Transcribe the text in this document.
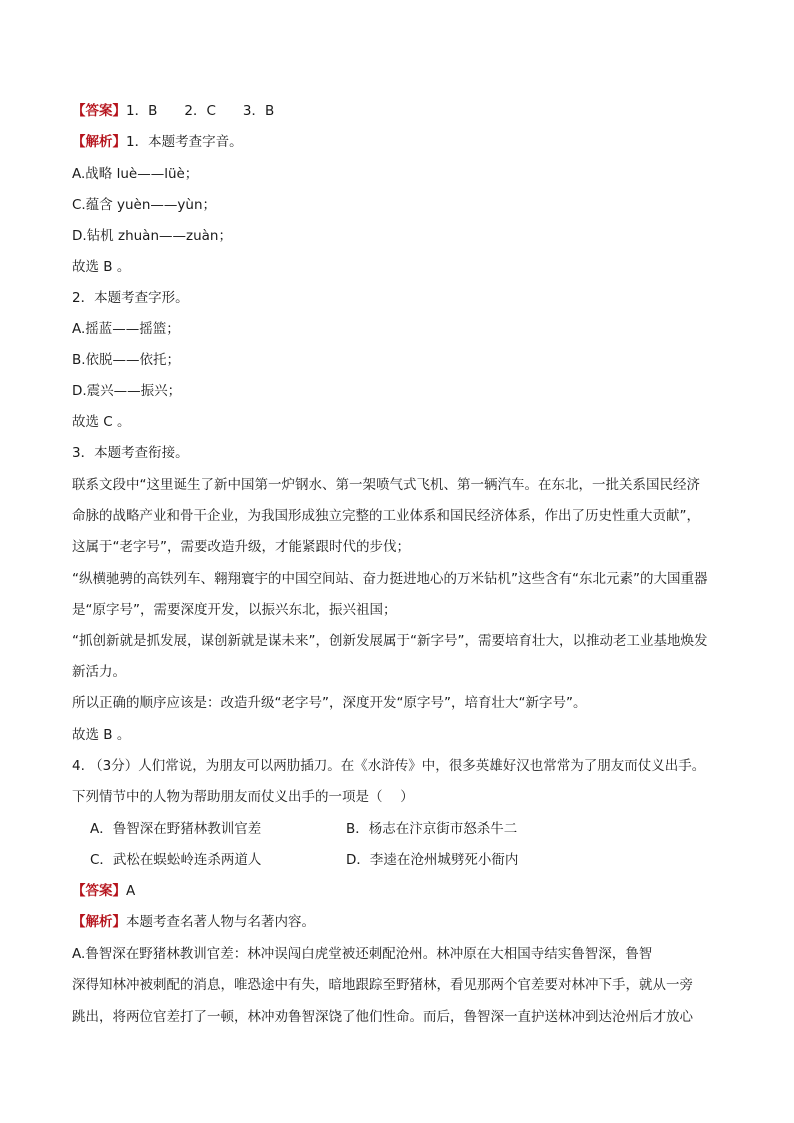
【答案】1．B　　2．C　　3．B
【解析】1．本题考查字音。
A.战略 luè——lüè；
C.蕴含 yuèn——yùn；
D.钻机 zhuàn——zuàn；
故选 B 。
2．本题考查字形。
A.摇蓝——摇篮；
B.依脱——依托；
D.震兴——振兴；
故选 C 。
3．本题考查衔接。
联系文段中“这里诞生了新中国第一炉钢水、第一架喷气式飞机、第一辆汽车。在东北，一批关系国民经济
命脉的战略产业和骨干企业，为我国形成独立完整的工业体系和国民经济体系，作出了历史性重大贡献”，
这属于“老字号”，需要改造升级，才能紧跟时代的步伐；
“纵横驰骋的高铁列车、翱翔寰宇的中国空间站、奋力挺进地心的万米钻机”这些含有“东北元素”的大国重器
是“原字号”，需要深度开发，以振兴东北，振兴祖国；
“抓创新就是抓发展，谋创新就是谋未来”，创新发展属于“新字号”，需要培育壮大，以推动老工业基地焕发
新活力。
所以正确的顺序应该是：改造升级“老字号”，深度开发“原字号”，培育壮大“新字号”。
故选 B 。
4. （3分）人们常说，为朋友可以两肋插刀。在《水浒传》中，很多英雄好汉也常常为了朋友而仗义出手。
下列情节中的人物为帮助朋友而仗义出手的一项是（　 ）
A．鲁智深在野猪林教训官差	B．杨志在汴京街市怒杀牛二
C．武松在蜈蚣岭连杀两道人	D．李逵在沧州城劈死小衙内
【答案】A
【解析】本题考查名著人物与名著内容。
A.鲁智深在野猪林教训官差：林冲误闯白虎堂被还刺配沧州。林冲原在大相国寺结实鲁智深，鲁智
深得知林冲被刺配的消息，唯恐途中有失，暗地跟踪至野猪林，看见那两个官差要对林冲下手，就从一旁
跳出，将两位官差打了一顿，林冲劝鲁智深饶了他们性命。而后，鲁智深一直护送林冲到达沧州后才放心
